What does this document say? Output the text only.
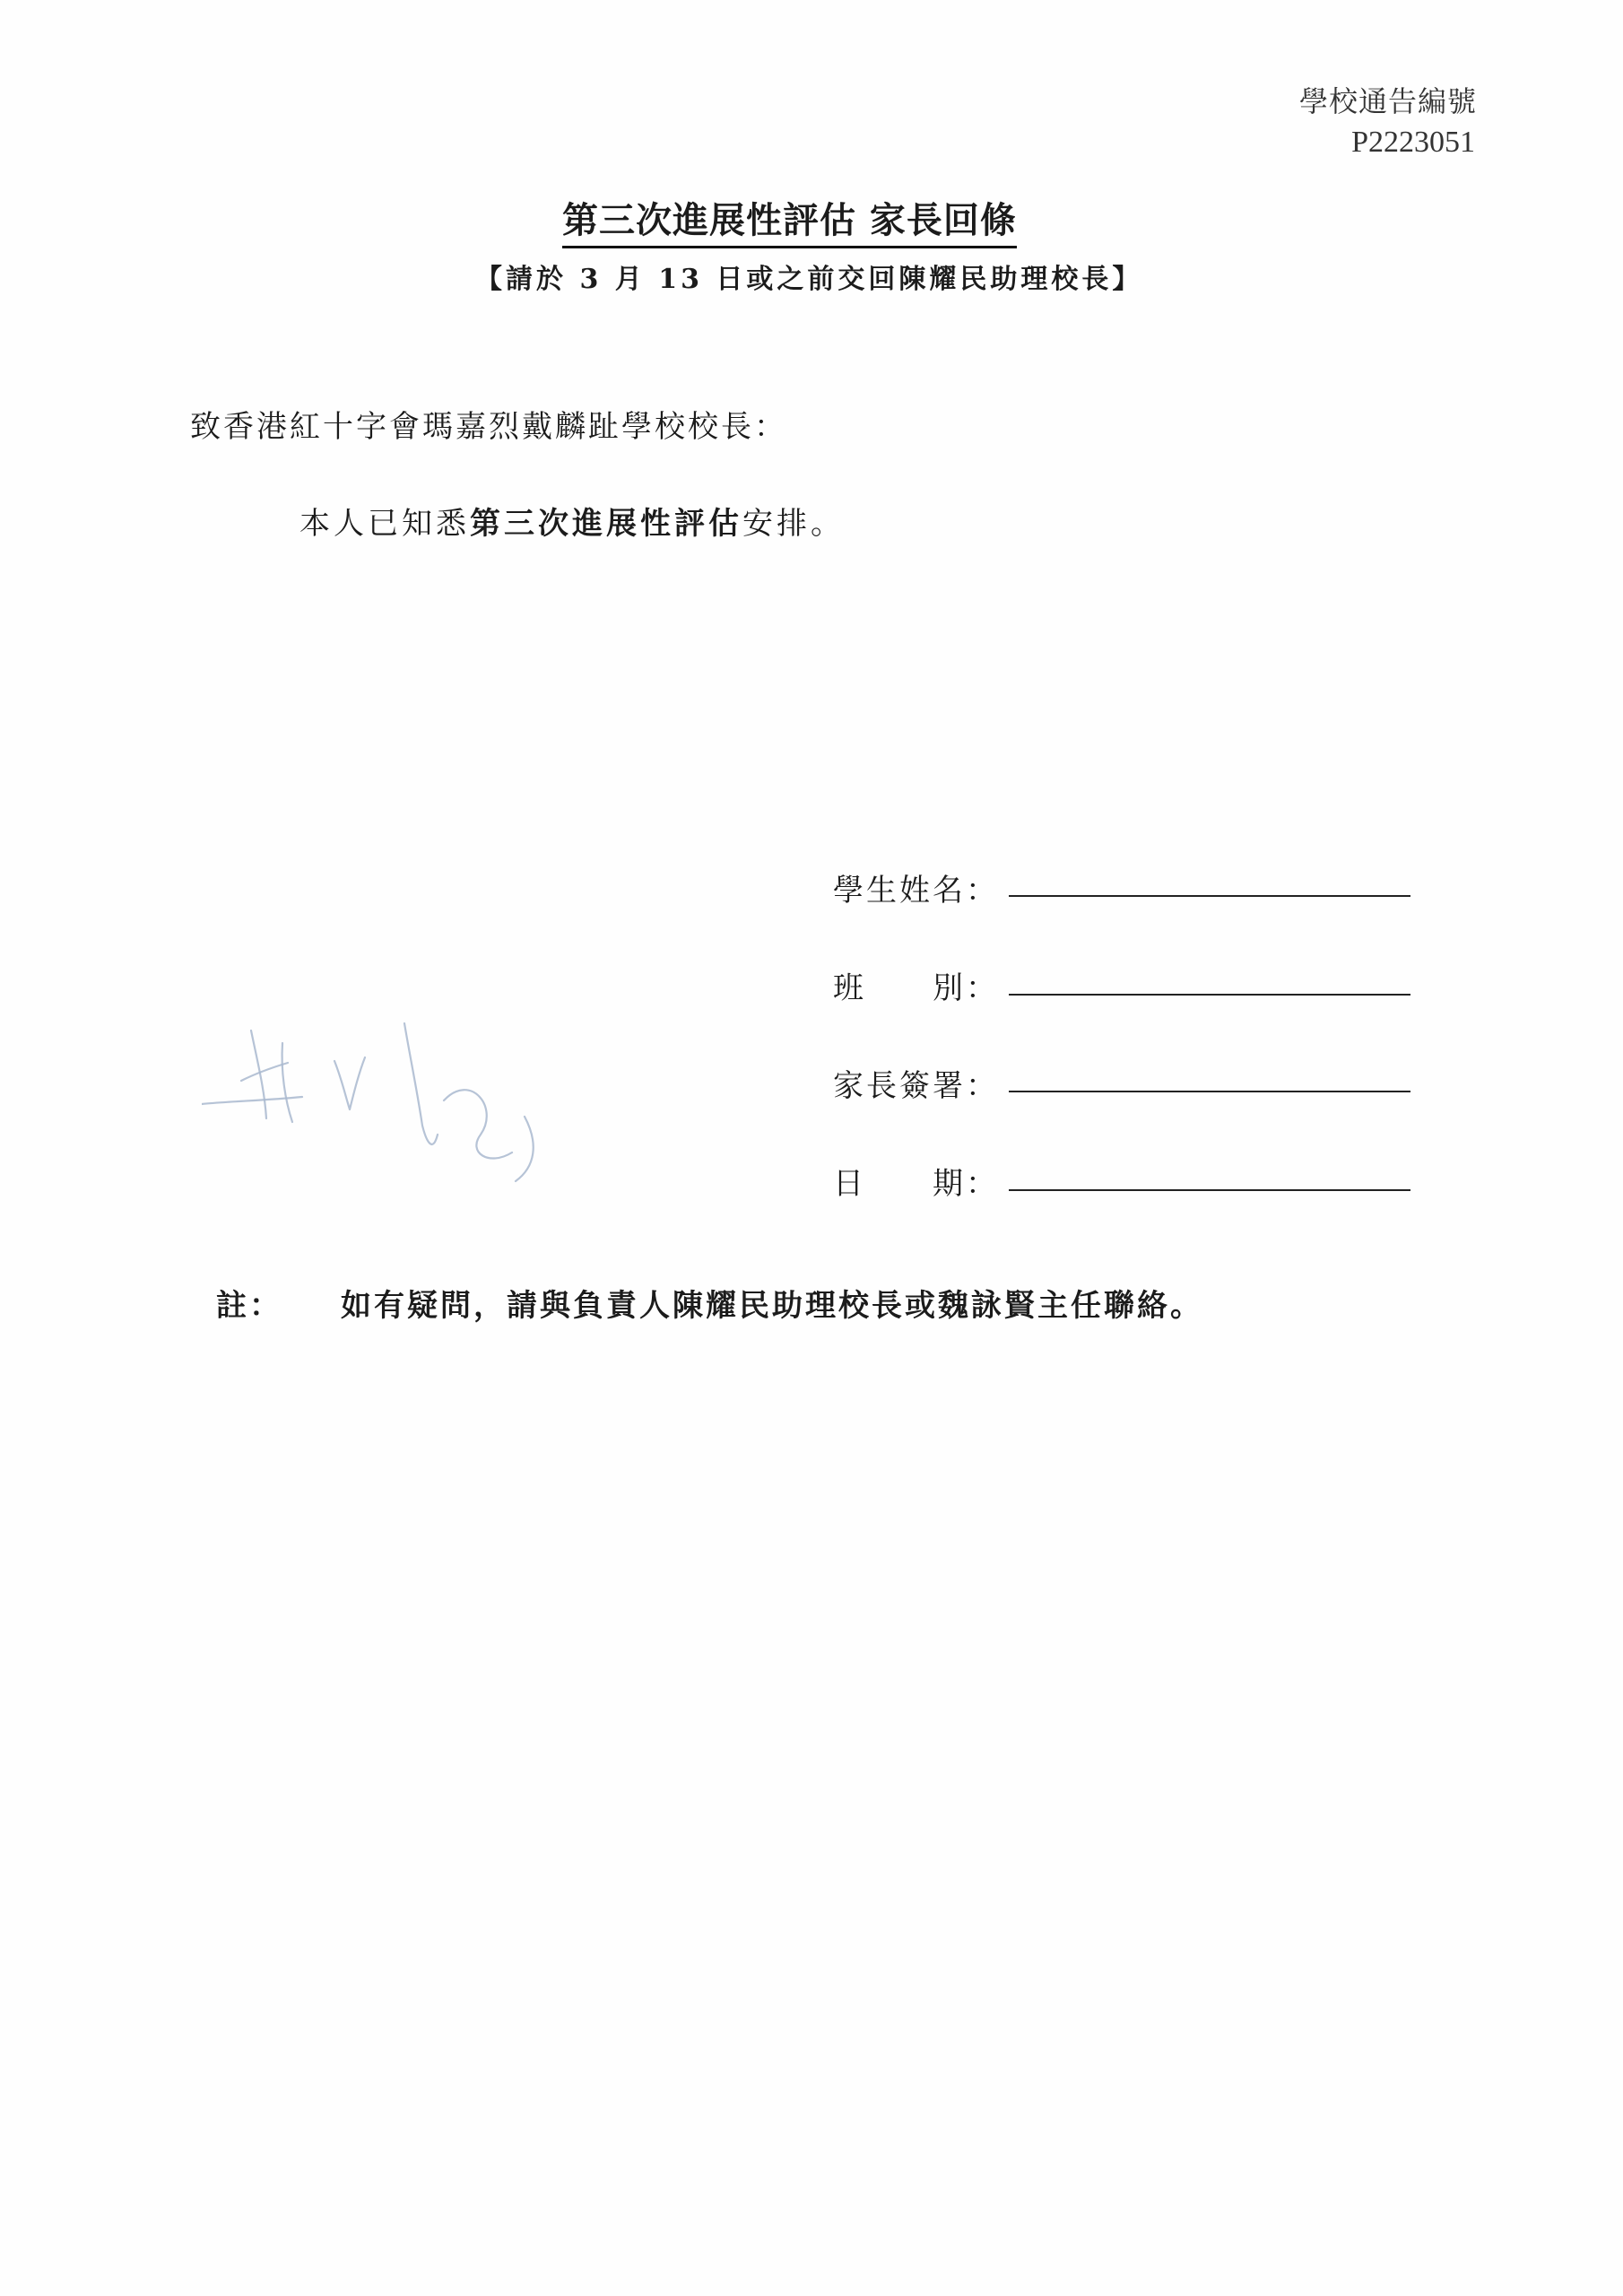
學校通告編號
P2223051
第三次進展性評估 家長回條
【請於 3 月 13 日或之前交回陳耀民助理校長】
致香港紅十字會瑪嘉烈戴麟趾學校校長：
本人已知悉第三次進展性評估安排。
學生姓名：
班　　別：
家長簽署：
日　　期：
註： 如有疑問，請與負責人陳耀民助理校長或魏詠賢主任聯絡。
